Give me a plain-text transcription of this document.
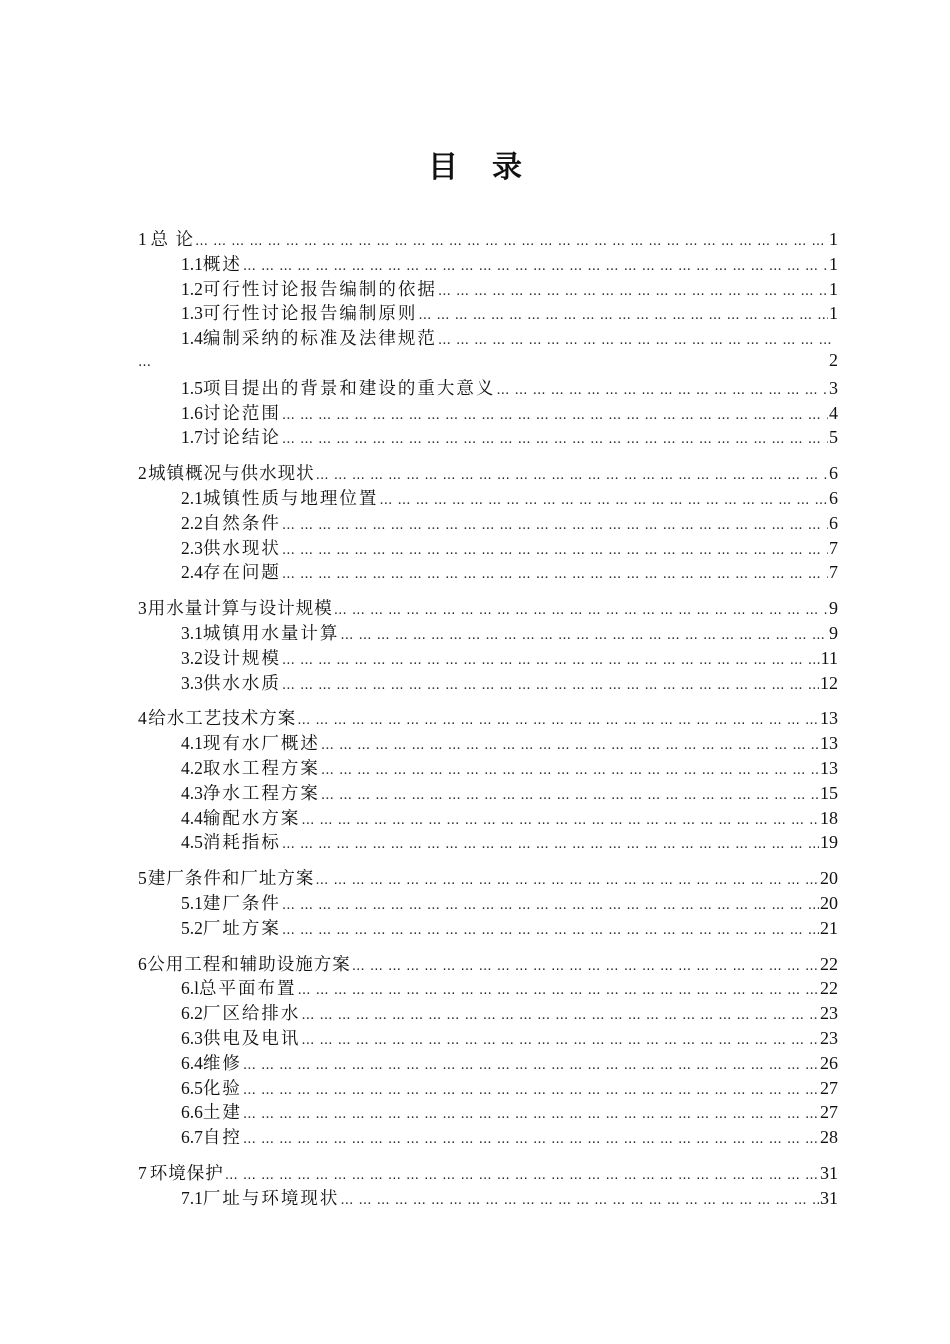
目 录
1 总 论 … … … … … … … … … … … … … … … … … … … … … … … … … … … … … … … … … … … … … … … … … … … … … … … … … … … … … … … … … … … … … … … … … … … … … … … … …	1
1.1 概述 … … … … … … … … … … … … … … … … … … … … … … … … … … … … … … … … … … … … … … … … … … … … … … … … … … … … … … … … … … … … … … … … … … … … … … … … …	1
1.2 可行性讨论报告编制的依据 … … … … … … … … … … … … … … … … … … … … … … … … … … … … … … … … … … … … … … … … … … … … … … … … … … … … … … … … … … … … … … … … … … … … … … … … …	1
1.3 可行性讨论报告编制原则 … … … … … … … … … … … … … … … … … … … … … … … … … … … … … … … … … … … … … … … … … … … … … … … … … … … … … … … … … … … … … … … … … … … … … … … … …	1
1.4 编制采纳的标准及法律规范
… … … … … … … … … … … … … … … … … … … … … … … … … … … … … … … … … … … … … … … … … … … … … … … … … … … … … … … … … … … … … … … … … … … … … … … … …
…	2
1.5 项目提出的背景和建设的重大意义 … … … … … … … … … … … … … … … … … … … … … … … … … … … … … … … … … … … … … … … … … … … … … … … … … … … … … … … … … … … … … … … … … … … … … … … … …	3
1.6 讨论范围 … … … … … … … … … … … … … … … … … … … … … … … … … … … … … … … … … … … … … … … … … … … … … … … … … … … … … … … … … … … … … … … … … … … … … … … … …	4
1.7 讨论结论 … … … … … … … … … … … … … … … … … … … … … … … … … … … … … … … … … … … … … … … … … … … … … … … … … … … … … … … … … … … … … … … … … … … … … … … … …	5
2 城镇概况与供水现状 … … … … … … … … … … … … … … … … … … … … … … … … … … … … … … … … … … … … … … … … … … … … … … … … … … … … … … … … … … … … … … … … … … … … … … … … …	6
2.1 城镇性质与地理位置 … … … … … … … … … … … … … … … … … … … … … … … … … … … … … … … … … … … … … … … … … … … … … … … … … … … … … … … … … … … … … … … … … … … … … … … … …	6
2.2 自然条件 … … … … … … … … … … … … … … … … … … … … … … … … … … … … … … … … … … … … … … … … … … … … … … … … … … … … … … … … … … … … … … … … … … … … … … … … …	6
2.3 供水现状 … … … … … … … … … … … … … … … … … … … … … … … … … … … … … … … … … … … … … … … … … … … … … … … … … … … … … … … … … … … … … … … … … … … … … … … … …	7
2.4 存在问题 … … … … … … … … … … … … … … … … … … … … … … … … … … … … … … … … … … … … … … … … … … … … … … … … … … … … … … … … … … … … … … … … … … … … … … … … …	7
3 用水量计算与设计规模 … … … … … … … … … … … … … … … … … … … … … … … … … … … … … … … … … … … … … … … … … … … … … … … … … … … … … … … … … … … … … … … … … … … … … … … … …	9
3.1 城镇用水量计算 … … … … … … … … … … … … … … … … … … … … … … … … … … … … … … … … … … … … … … … … … … … … … … … … … … … … … … … … … … … … … … … … … … … … … … … … …	9
3.2 设计规模 … … … … … … … … … … … … … … … … … … … … … … … … … … … … … … … … … … … … … … … … … … … … … … … … … … … … … … … … … … … … … … … … … … … … … … … … …	11
3.3 供水水质 … … … … … … … … … … … … … … … … … … … … … … … … … … … … … … … … … … … … … … … … … … … … … … … … … … … … … … … … … … … … … … … … … … … … … … … … …	12
4 给水工艺技术方案 … … … … … … … … … … … … … … … … … … … … … … … … … … … … … … … … … … … … … … … … … … … … … … … … … … … … … … … … … … … … … … … … … … … … … … … … …	13
4.1 现有水厂概述 … … … … … … … … … … … … … … … … … … … … … … … … … … … … … … … … … … … … … … … … … … … … … … … … … … … … … … … … … … … … … … … … … … … … … … … … …	13
4.2 取水工程方案 … … … … … … … … … … … … … … … … … … … … … … … … … … … … … … … … … … … … … … … … … … … … … … … … … … … … … … … … … … … … … … … … … … … … … … … … …	13
4.3 净水工程方案 … … … … … … … … … … … … … … … … … … … … … … … … … … … … … … … … … … … … … … … … … … … … … … … … … … … … … … … … … … … … … … … … … … … … … … … … …	15
4.4 输配水方案 … … … … … … … … … … … … … … … … … … … … … … … … … … … … … … … … … … … … … … … … … … … … … … … … … … … … … … … … … … … … … … … … … … … … … … … … …	18
4.5 消耗指标 … … … … … … … … … … … … … … … … … … … … … … … … … … … … … … … … … … … … … … … … … … … … … … … … … … … … … … … … … … … … … … … … … … … … … … … … …	19
5 建厂条件和厂址方案 … … … … … … … … … … … … … … … … … … … … … … … … … … … … … … … … … … … … … … … … … … … … … … … … … … … … … … … … … … … … … … … … … … … … … … … … …	20
5.1 建厂条件 … … … … … … … … … … … … … … … … … … … … … … … … … … … … … … … … … … … … … … … … … … … … … … … … … … … … … … … … … … … … … … … … … … … … … … … … …	20
5.2 厂址方案 … … … … … … … … … … … … … … … … … … … … … … … … … … … … … … … … … … … … … … … … … … … … … … … … … … … … … … … … … … … … … … … … … … … … … … … … …	21
6 公用工程和辅助设施方案 … … … … … … … … … … … … … … … … … … … … … … … … … … … … … … … … … … … … … … … … … … … … … … … … … … … … … … … … … … … … … … … … … … … … … … … … …	22
6.l 总平面布置 … … … … … … … … … … … … … … … … … … … … … … … … … … … … … … … … … … … … … … … … … … … … … … … … … … … … … … … … … … … … … … … … … … … … … … … … …	22
6.2 厂区给排水 … … … … … … … … … … … … … … … … … … … … … … … … … … … … … … … … … … … … … … … … … … … … … … … … … … … … … … … … … … … … … … … … … … … … … … … … …	23
6.3 供电及电讯 … … … … … … … … … … … … … … … … … … … … … … … … … … … … … … … … … … … … … … … … … … … … … … … … … … … … … … … … … … … … … … … … … … … … … … … … …	23
6.4 维修 … … … … … … … … … … … … … … … … … … … … … … … … … … … … … … … … … … … … … … … … … … … … … … … … … … … … … … … … … … … … … … … … … … … … … … … … …	26
6.5 化验 … … … … … … … … … … … … … … … … … … … … … … … … … … … … … … … … … … … … … … … … … … … … … … … … … … … … … … … … … … … … … … … … … … … … … … … … …	27
6.6 土建 … … … … … … … … … … … … … … … … … … … … … … … … … … … … … … … … … … … … … … … … … … … … … … … … … … … … … … … … … … … … … … … … … … … … … … … … …	27
6.7 自控 … … … … … … … … … … … … … … … … … … … … … … … … … … … … … … … … … … … … … … … … … … … … … … … … … … … … … … … … … … … … … … … … … … … … … … … … …	28
7 环境保护 … … … … … … … … … … … … … … … … … … … … … … … … … … … … … … … … … … … … … … … … … … … … … … … … … … … … … … … … … … … … … … … … … … … … … … … … …	31
7.1 厂址与环境现状 … … … … … … … … … … … … … … … … … … … … … … … … … … … … … … … … … … … … … … … … … … … … … … … … … … … … … … … … … … … … … … … … … … … … … … … … …	31
